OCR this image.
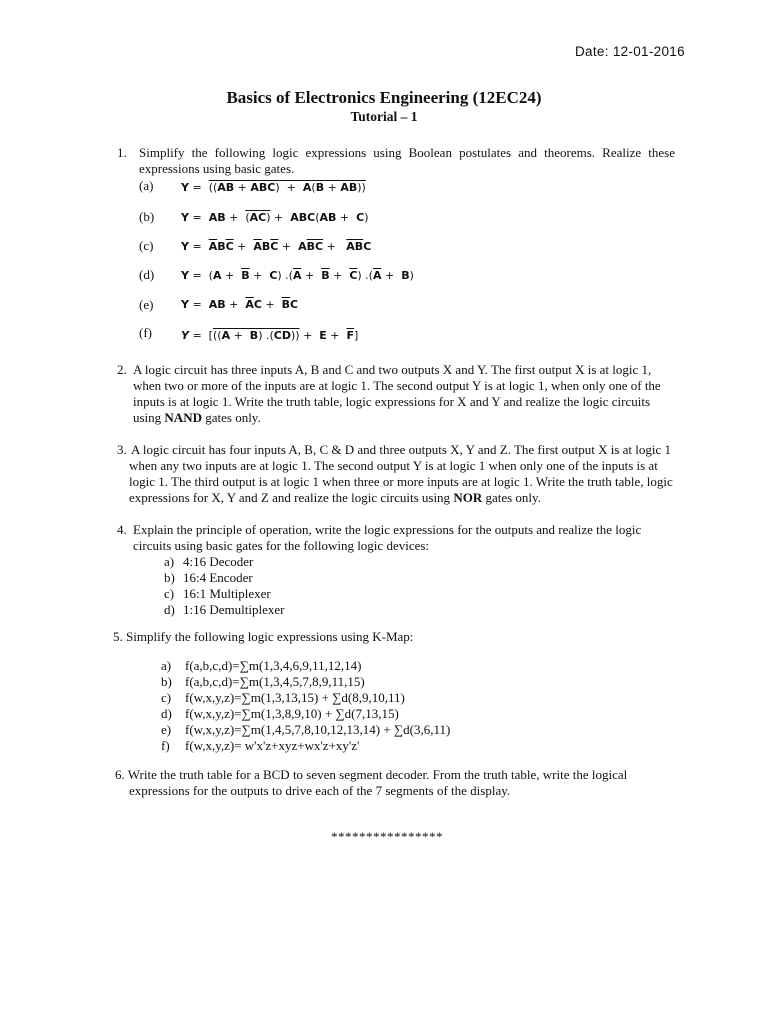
Date: 12-01-2016
Basics of Electronics Engineering (12EC24)
Tutorial – 1
1. Simplify the following logic expressions using Boolean postulates and theorems. Realize these
expressions using basic gates.
(a)	Y =  ((AB + ABC)  +  A(B + AB))
(b) Y =  AB +  (AC) +  ABC(AB +  C)
(c)	$Y = \overline{A}B\overline{C} + \overline{A}B\overline{C} + A\overline{B}\overline{C} + \overline{A}\overline{B}C$
(d) $Y = (A + \overline{B} + C)$ $.(\overline{A} + \overline{B} + \overline{C}) .(\overline{A} + B)$
(e)	Y =  AB +  $\overline{A}C + \overline{B}C$
(f)	Y =  [((A +  B) $.(CD)) + E + \overline{F}$]
2. A logic circuit has three inputs A, B and C and two outputs X and Y. The first output X is at logic 1,
when two or more of the inputs are at logic 1. The second output Y is at logic 1, when only one of the
inputs is at logic 1. Write the truth table, logic expressions for X and Y and realize the logic circuits
using NAND gates only.
3. A logic circuit has four inputs A, B, C & D and three outputs X, Y and Z. The first output X is at logic 1
when any two inputs are at logic 1. The second output Y is at logic 1 when only one of the inputs is at
logic 1. The third output is at logic 1 when three or more inputs are at logic 1. Write the truth table, logic
expressions for X, Y and Z and realize the logic circuits using NOR gates only.
4. Explain the principle of operation, write the logic expressions for the outputs and realize the logic
circuits using basic gates for the following logic devices:
a) 4:16 Decoder
b) 16:4 Encoder
c) 16:1 Multiplexer
d) 1:16 Demultiplexer
5. Simplify the following logic expressions using K-Map:
a) f(a,b,c,d)=∑m(1,3,4,6,9,11,12,14)
b) f(a,b,c,d)=∑m(1,3,4,5,7,8,9,11,15)
c) f(w,x,y,z)=∑m(1,3,13,15) + ∑d(8,9,10,11)
d) f(w,x,y,z)=∑m(1,3,8,9,10) + ∑d(7,13,15)
e) f(w,x,y,z)=∑m(1,4,5,7,8,10,12,13,14) + ∑d(3,6,11)
f) f(w,x,y,z)= w'x'z+xyz+wx'z+xy'z'
6. Write the truth table for a BCD to seven segment decoder. From the truth table, write the logical
expressions for the outputs to drive each of the 7 segments of the display.
****************
